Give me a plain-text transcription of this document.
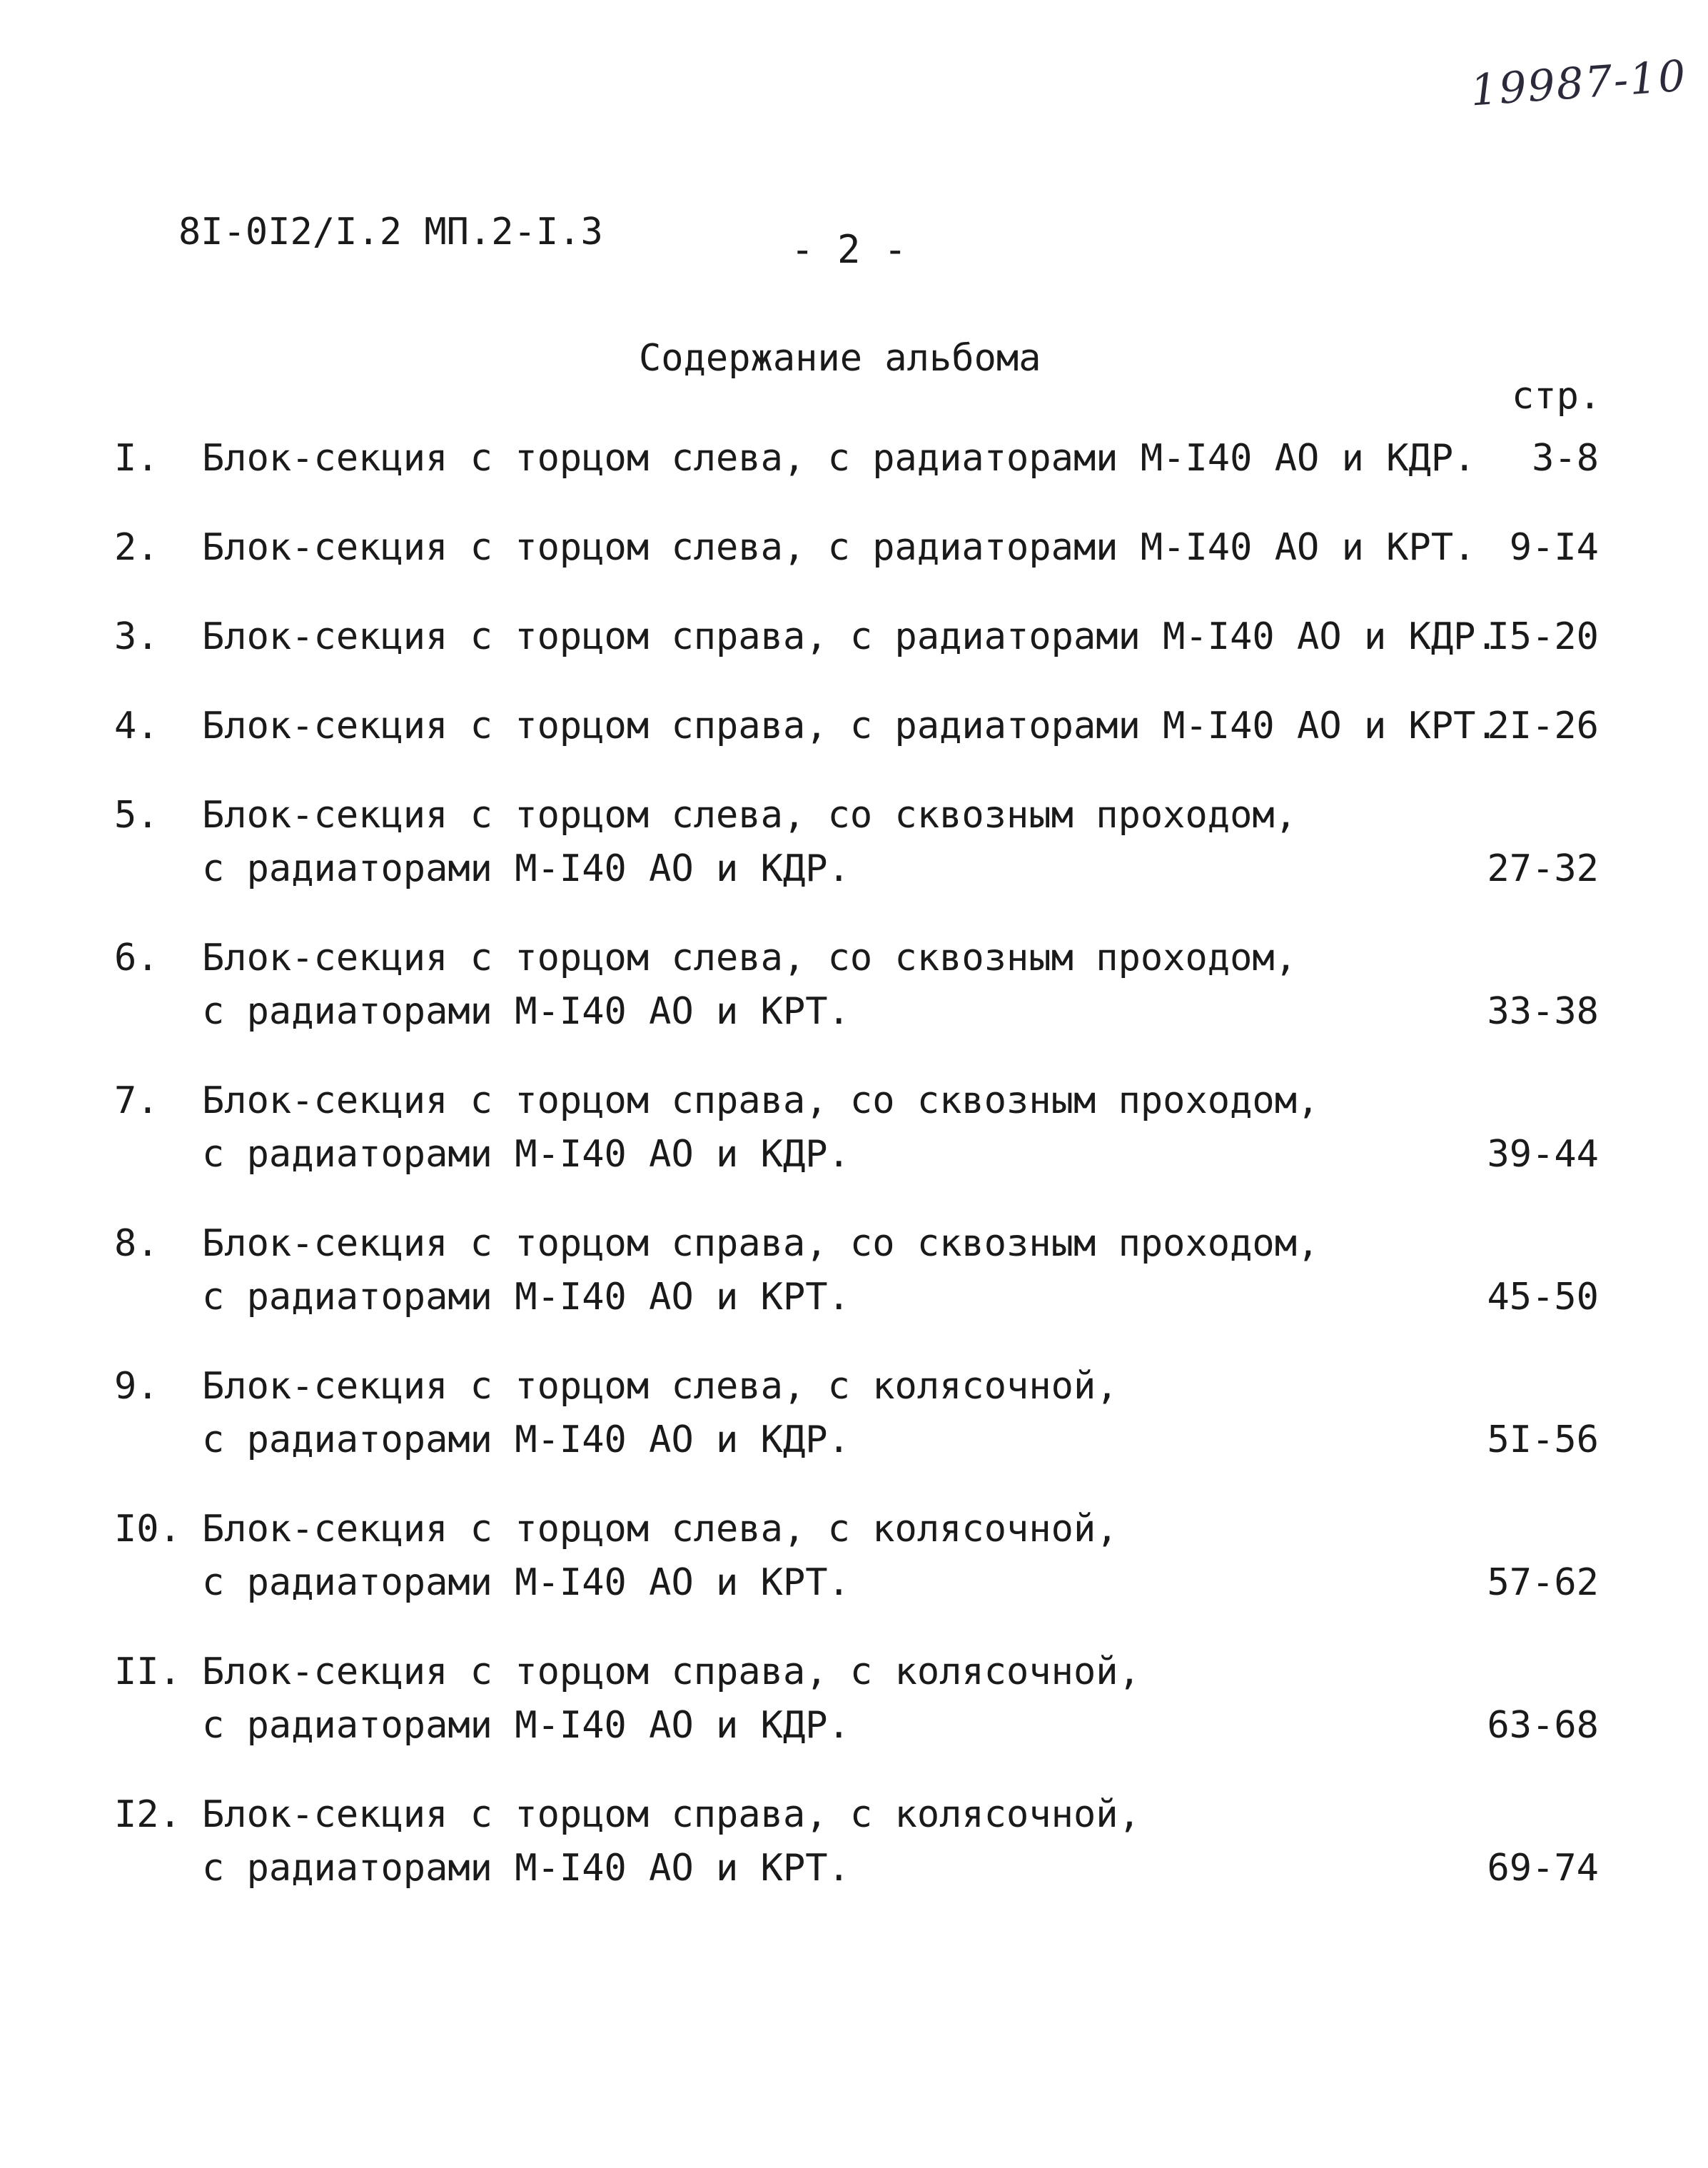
19987-10
8I-0I2/I.2 МП.2-I.3	- 2 -
Содержание альбома
стр.
I. Блок-секция с торцом слева, с радиаторами М-I40 АО и КДР. 3-8
2. Блок-секция с торцом слева, с радиаторами М-I40 АО и КРТ. 9-I4
3. Блок-секция с торцом справа, с радиаторами М-I40 АО и КДР.
I5-20
4. Блок-секция с торцом справа, с радиаторами М-I40 АО и КРТ.
2I-26
5. Блок-секция с торцом слева, со сквозным проходом,
с радиаторами М-I40 АО и КДР.	27-32
6. Блок-секция с торцом слева, со сквозным проходом,
с радиаторами М-I40 АО и КРТ.	33-38
7. Блок-секция с торцом справа, со сквозным проходом,
с радиаторами М-I40 АО и КДР.	39-44
8. Блок-секция с торцом справа, со сквозным проходом,
с радиаторами М-I40 АО и КРТ.	45-50
9. Блок-секция с торцом слева, с колясочной,
с радиаторами М-I40 АО и КДР.	5I-56
I0. Блок-секция с торцом слева, с колясочной,
с радиаторами М-I40 АО и КРТ.	57-62
II. Блок-секция с торцом справа, с колясочной,
с радиаторами М-I40 АО и КДР.	63-68
I2. Блок-секция с торцом справа, с колясочной,
с радиаторами М-I40 АО и КРТ.	69-74
